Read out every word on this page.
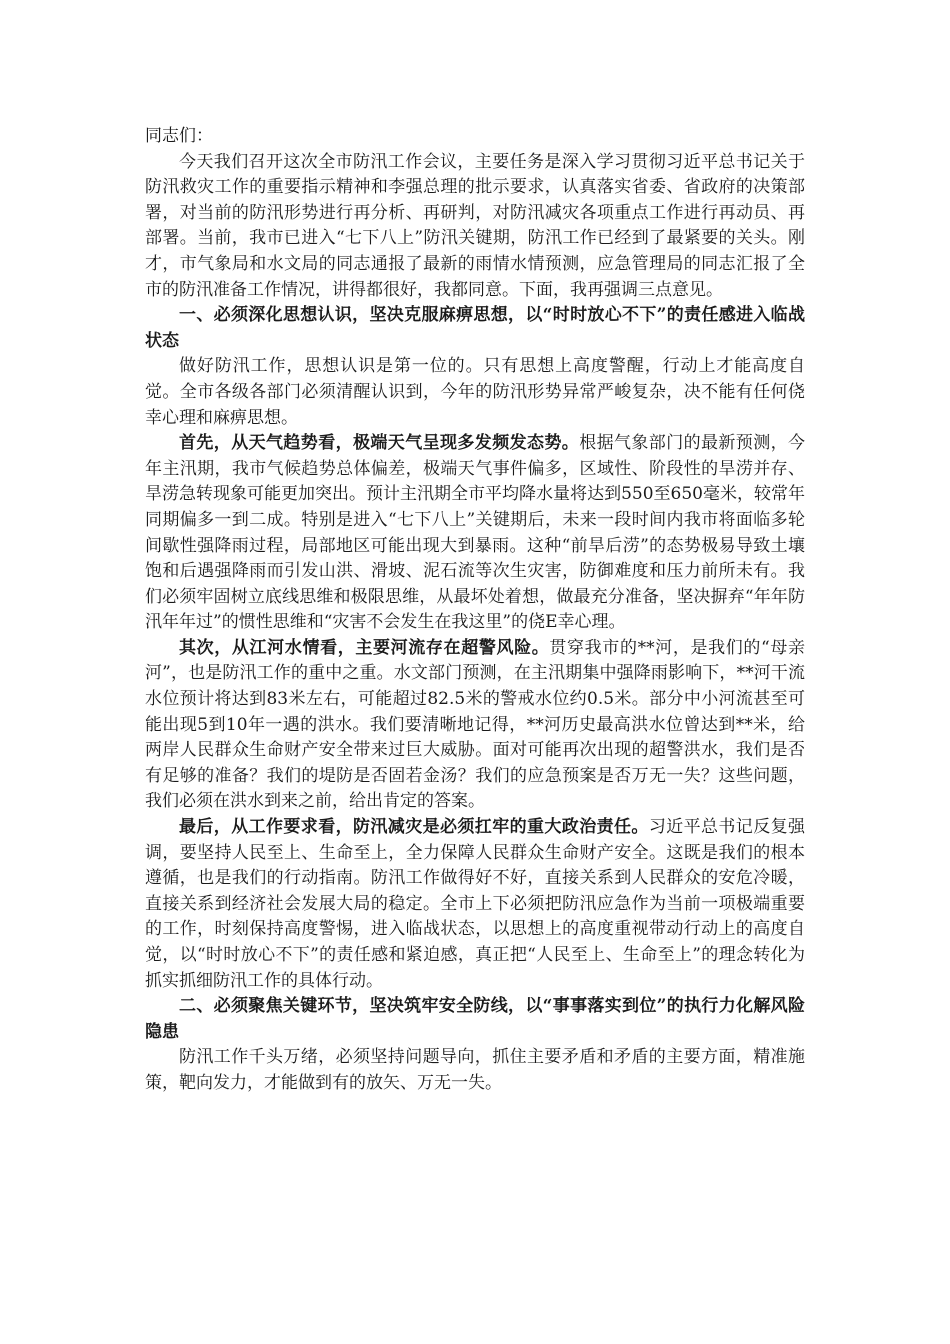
同志们：

今天我们召开这次全市防汛工作会议，主要任务是深入学习贯彻习近平总书记关于防汛救灾工作的重要指示精神和李强总理的批示要求，认真落实省委、省政府的决策部署，对当前的防汛形势进行再分析、再研判，对防汛减灾各项重点工作进行再动员、再部署。当前，我市已进入“七下八上”防汛关键期，防汛工作已经到了最紧要的关头。刚才，市气象局和水文局的同志通报了最新的雨情水情预测，应急管理局的同志汇报了全市的防汛准备工作情况，讲得都很好，我都同意。下面，我再强调三点意见。

一、必须深化思想认识，坚决克服麻痹思想，以“时时放心不下”的责任感进入临战状态

做好防汛工作，思想认识是第一位的。只有思想上高度警醒，行动上才能高度自觉。全市各级各部门必须清醒认识到，今年的防汛形势异常严峻复杂，决不能有任何侥幸心理和麻痹思想。

首先，从天气趋势看，极端天气呈现多发频发态势。根据气象部门的最新预测，今年主汛期，我市气候趋势总体偏差，极端天气事件偏多，区域性、阶段性的旱涝并存、旱涝急转现象可能更加突出。预计主汛期全市平均降水量将达到550至650毫米，较常年同期偏多一到二成。特别是进入“七下八上”关键期后，未来一段时间内我市将面临多轮间歇性强降雨过程，局部地区可能出现大到暴雨。这种“前旱后涝”的态势极易导致土壤饱和后遇强降雨而引发山洪、滑坡、泥石流等次生灾害，防御难度和压力前所未有。我们必须牢固树立底线思维和极限思维，从最坏处着想，做最充分准备，坚决摒弃“年年防汛年年过”的惯性思维和“灾害不会发生在我这里”的侥E幸心理。

其次，从江河水情看，主要河流存在超警风险。贯穿我市的**河，是我们的“母亲河”，也是防汛工作的重中之重。水文部门预测，在主汛期集中强降雨影响下，**河干流水位预计将达到83米左右，可能超过82.5米的警戒水位约0.5米。部分中小河流甚至可能出现5到10年一遇的洪水。我们要清晰地记得，**河历史最高洪水位曾达到**米，给两岸人民群众生命财产安全带来过巨大威胁。面对可能再次出现的超警洪水，我们是否有足够的准备？我们的堤防是否固若金汤？我们的应急预案是否万无一失？这些问题，我们必须在洪水到来之前，给出肯定的答案。

最后，从工作要求看，防汛减灾是必须扛牢的重大政治责任。习近平总书记反复强调，要坚持人民至上、生命至上，全力保障人民群众生命财产安全。这既是我们的根本遵循，也是我们的行动指南。防汛工作做得好不好，直接关系到人民群众的安危冷暖，直接关系到经济社会发展大局的稳定。全市上下必须把防汛应急作为当前一项极端重要的工作，时刻保持高度警惕，进入临战状态，以思想上的高度重视带动行动上的高度自觉，以“时时放心不下”的责任感和紧迫感，真正把“人民至上、生命至上”的理念转化为抓实抓细防汛工作的具体行动。

二、必须聚焦关键环节，坚决筑牢安全防线，以“事事落实到位”的执行力化解风险隐患

防汛工作千头万绪，必须坚持问题导向，抓住主要矛盾和矛盾的主要方面，精准施策，靶向发力，才能做到有的放矢、万无一失。
